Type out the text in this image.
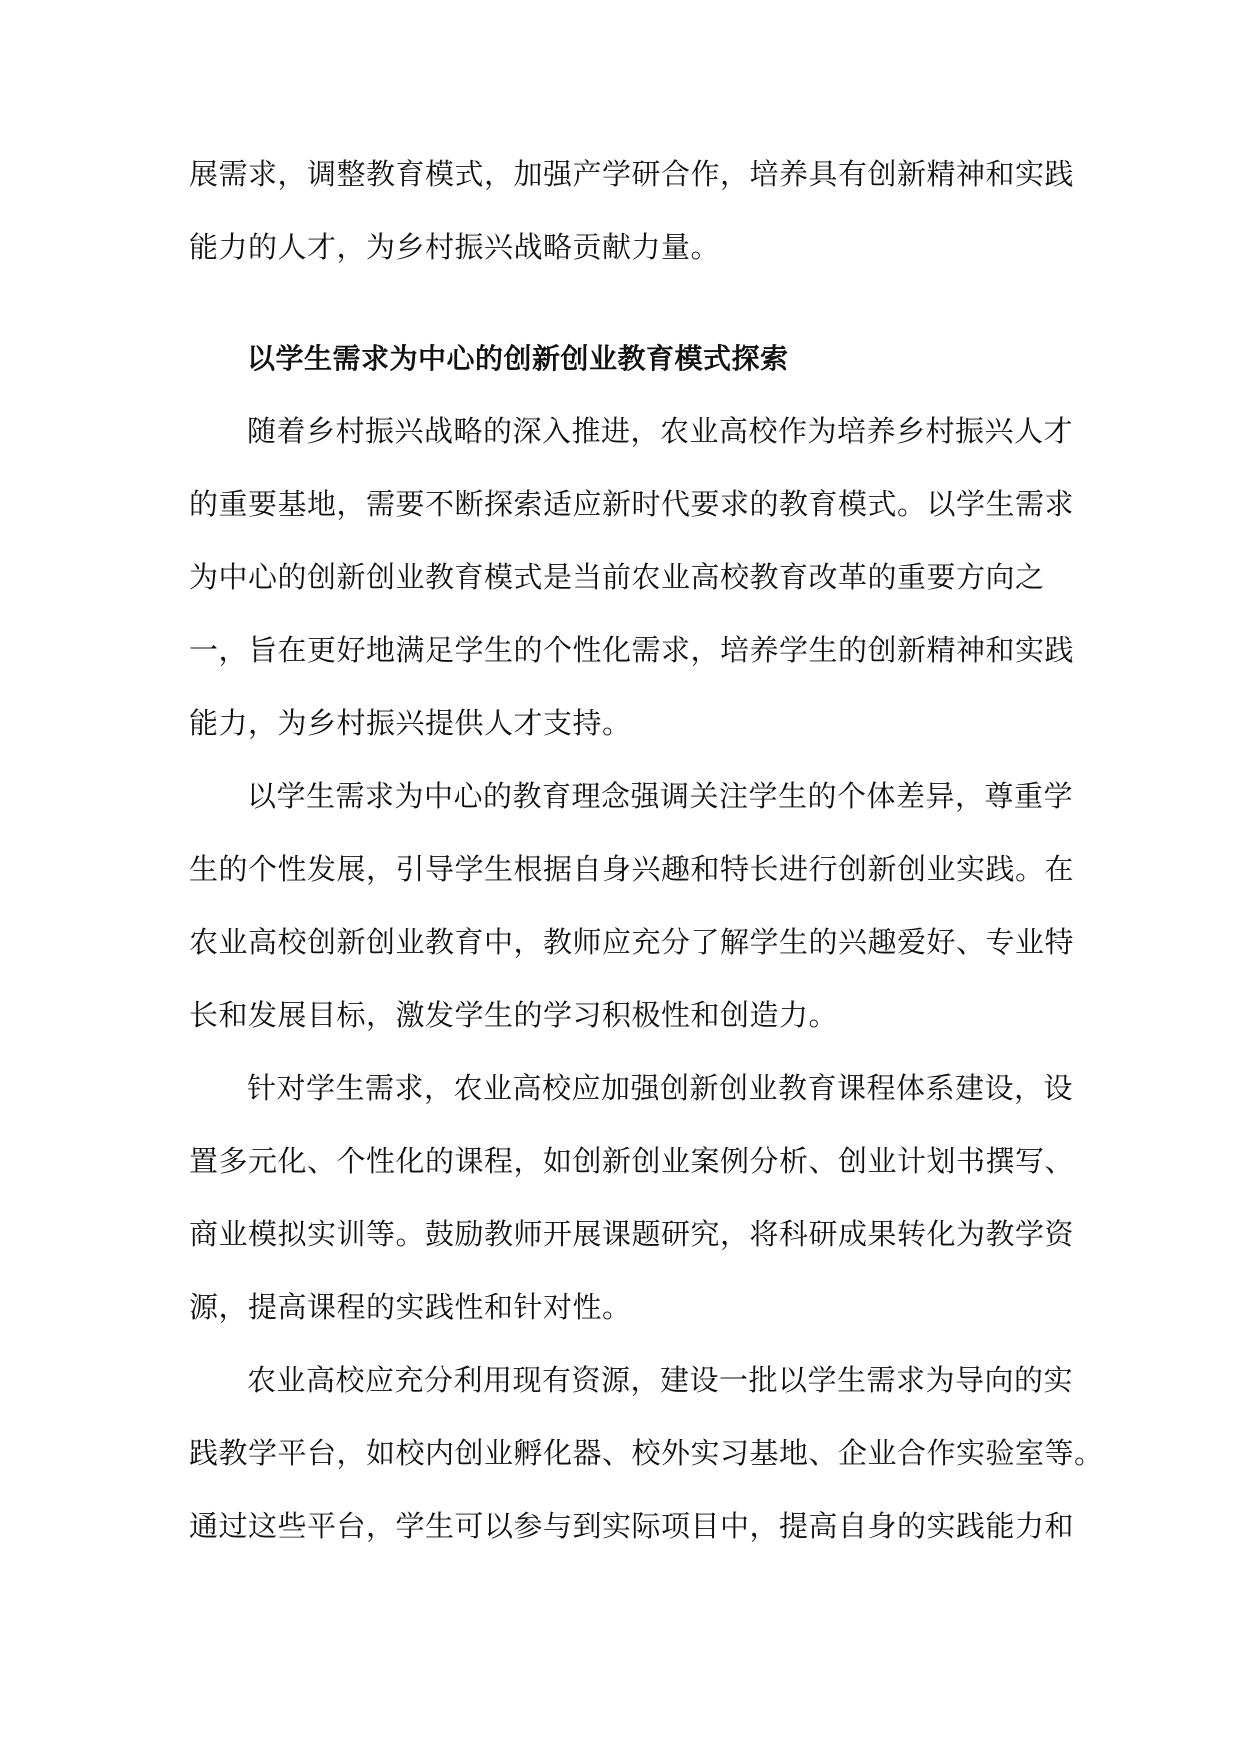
展需求，调整教育模式，加强产学研合作，培养具有创新精神和实践
能力的人才，为乡村振兴战略贡献力量。
以学生需求为中心的创新创业教育模式探索
随着乡村振兴战略的深入推进，农业高校作为培养乡村振兴人才
的重要基地，需要不断探索适应新时代要求的教育模式。以学生需求
为中心的创新创业教育模式是当前农业高校教育改革的重要方向之
一，旨在更好地满足学生的个性化需求，培养学生的创新精神和实践
能力，为乡村振兴提供人才支持。
以学生需求为中心的教育理念强调关注学生的个体差异，尊重学
生的个性发展，引导学生根据自身兴趣和特长进行创新创业实践。在
农业高校创新创业教育中，教师应充分了解学生的兴趣爱好、专业特
长和发展目标，激发学生的学习积极性和创造力。
针对学生需求，农业高校应加强创新创业教育课程体系建设，设
置多元化、个性化的课程，如创新创业案例分析、创业计划书撰写、
商业模拟实训等。鼓励教师开展课题研究，将科研成果转化为教学资
源，提高课程的实践性和针对性。
农业高校应充分利用现有资源，建设一批以学生需求为导向的实
践教学平台，如校内创业孵化器、校外实习基地、企业合作实验室等。
通过这些平台，学生可以参与到实际项目中，提高自身的实践能力和
